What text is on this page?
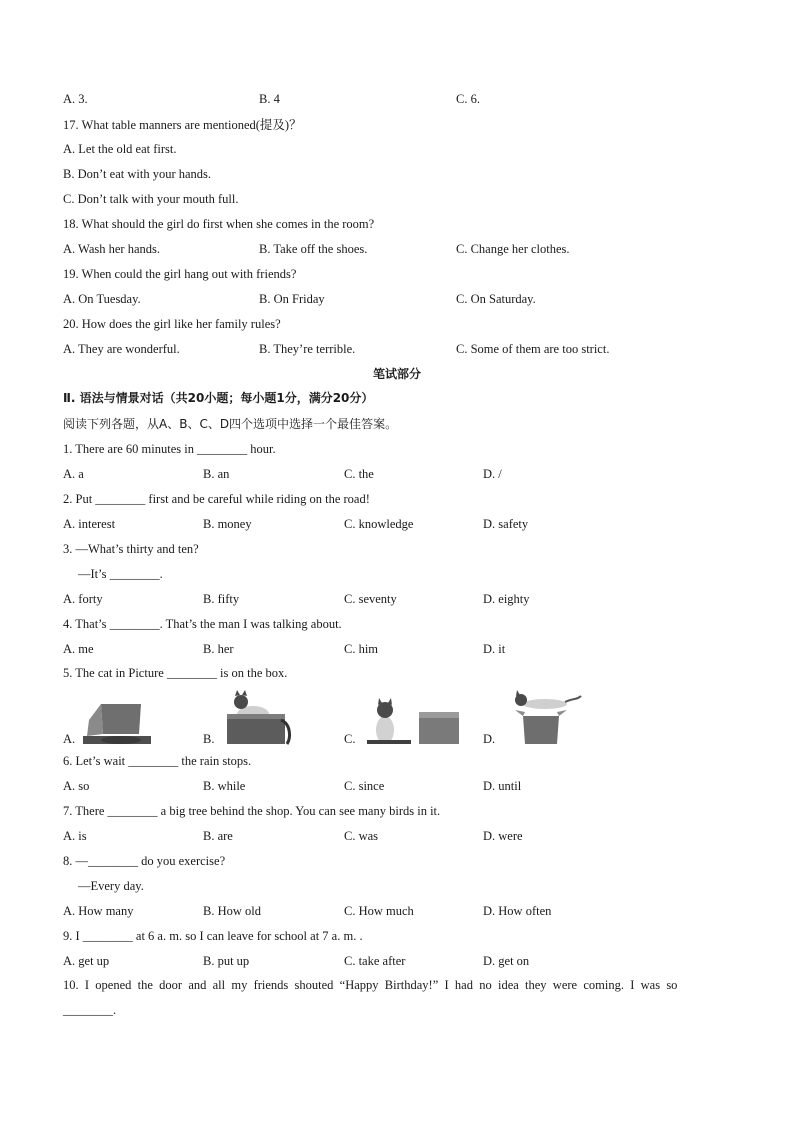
A. 3.	B. 4	C. 6.
17. What table manners are mentioned(提及)？
A. Let the old eat first.
B. Don’t eat with your hands.
C. Don’t talk with your mouth full.
18. What should the girl do first when she comes in the room?
A. Wash her hands.	B. Take off the shoes.	C. Change her clothes.
19. When could the girl hang out with friends?
A. On Tuesday.	B. On Friday	C. On Saturday.
20. How does the girl like her family rules?
A. They are wonderful.	B. They’re terrible.	C. Some of them are too strict.
笔试部分
Ⅱ. 语法与情景对话（共20小题；每小题1分，满分20分）
阅读下列各题，从A、B、C、D四个选项中选择一个最佳答案。
1. There are 60 minutes in ________ hour.
A. a	B. an	C. the	D. /
2. Put ________ first and be careful while riding on the road!
A. interest	B. money	C. knowledge	D. safety
3. —What’s thirty and ten?
—It’s ________.
A. forty	B. fifty	C. seventy	D. eighty
4. That’s ________. That’s the man I was talking about.
A. me	B. her	C. him	D. it
5. The cat in Picture ________ is on the box.
A.	B.	C.	D.
6. Let’s wait ________ the rain stops.
A. so	B. while	C. since	D. until
7. There ________ a big tree behind the shop. You can see many birds in it.
A. is	B. are	C. was	D. were
8. —________ do you exercise?
—Every day.
A. How many	B. How old	C. How much	D. How often
9. I ________ at 6 a. m. so I can leave for school at 7 a. m. .
A. get up	B. put up	C. take after	D. get on
10.  I  opened  the  door  and  all  my  friends  shouted  “Happy  Birthday!”  I  had  no  idea  they  were  coming.  I  was  so
________.
